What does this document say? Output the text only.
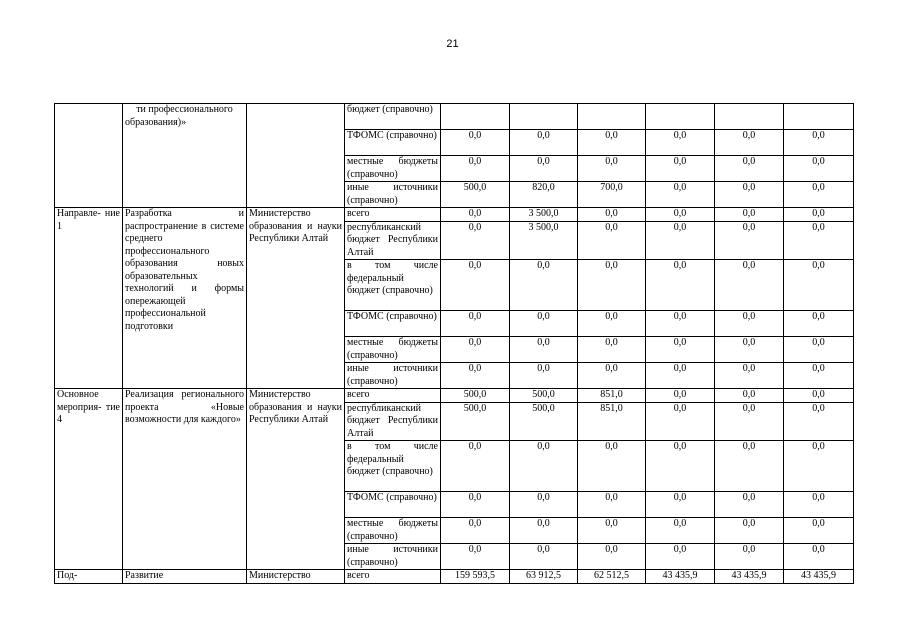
21
	ти профессионального образования)»		бюджет (справочно)						
			ТФОМС (справочно)	0,0	0,0	0,0	0,0	0,0	0,0
			местные бюджеты (справочно)	0,0	0,0	0,0	0,0	0,0	0,0
			иные источники (справочно)	500,0	820,0	700,0	0,0	0,0	0,0
Направле- ние 1	Разработка и распространение в системе среднего профессионального образования новых образовательных технологий и формы опережающей профессиональной подготовки	Министерство образования и науки Республики Алтай	всего	0,0	3 500,0	0,0	0,0	0,0	0,0
			республиканский бюджет Республики Алтай	0,0	3 500,0	0,0	0,0	0,0	0,0
			в том числе федеральный бюджет (справочно)	0,0	0,0	0,0	0,0	0,0	0,0
			ТФОМС (справочно)	0,0	0,0	0,0	0,0	0,0	0,0
			местные бюджеты (справочно)	0,0	0,0	0,0	0,0	0,0	0,0
			иные источники (справочно)	0,0	0,0	0,0	0,0	0,0	0,0
Основное мероприя- тие 4	Реализация регионального проекта «Новые возможности для каждого»	Министерство образования и науки Республики Алтай	всего	500,0	500,0	851,0	0,0	0,0	0,0
			республиканский бюджет Республики Алтай	500,0	500,0	851,0	0,0	0,0	0,0
			в том числе федеральный бюджет (справочно)	0,0	0,0	0,0	0,0	0,0	0,0
			ТФОМС (справочно)	0,0	0,0	0,0	0,0	0,0	0,0
			местные бюджеты (справочно)	0,0	0,0	0,0	0,0	0,0	0,0
			иные источники (справочно)	0,0	0,0	0,0	0,0	0,0	0,0
Под-	Развитие	Министерство	всего	159 593,5	63 912,5	62 512,5	43 435,9	43 435,9	43 435,9
